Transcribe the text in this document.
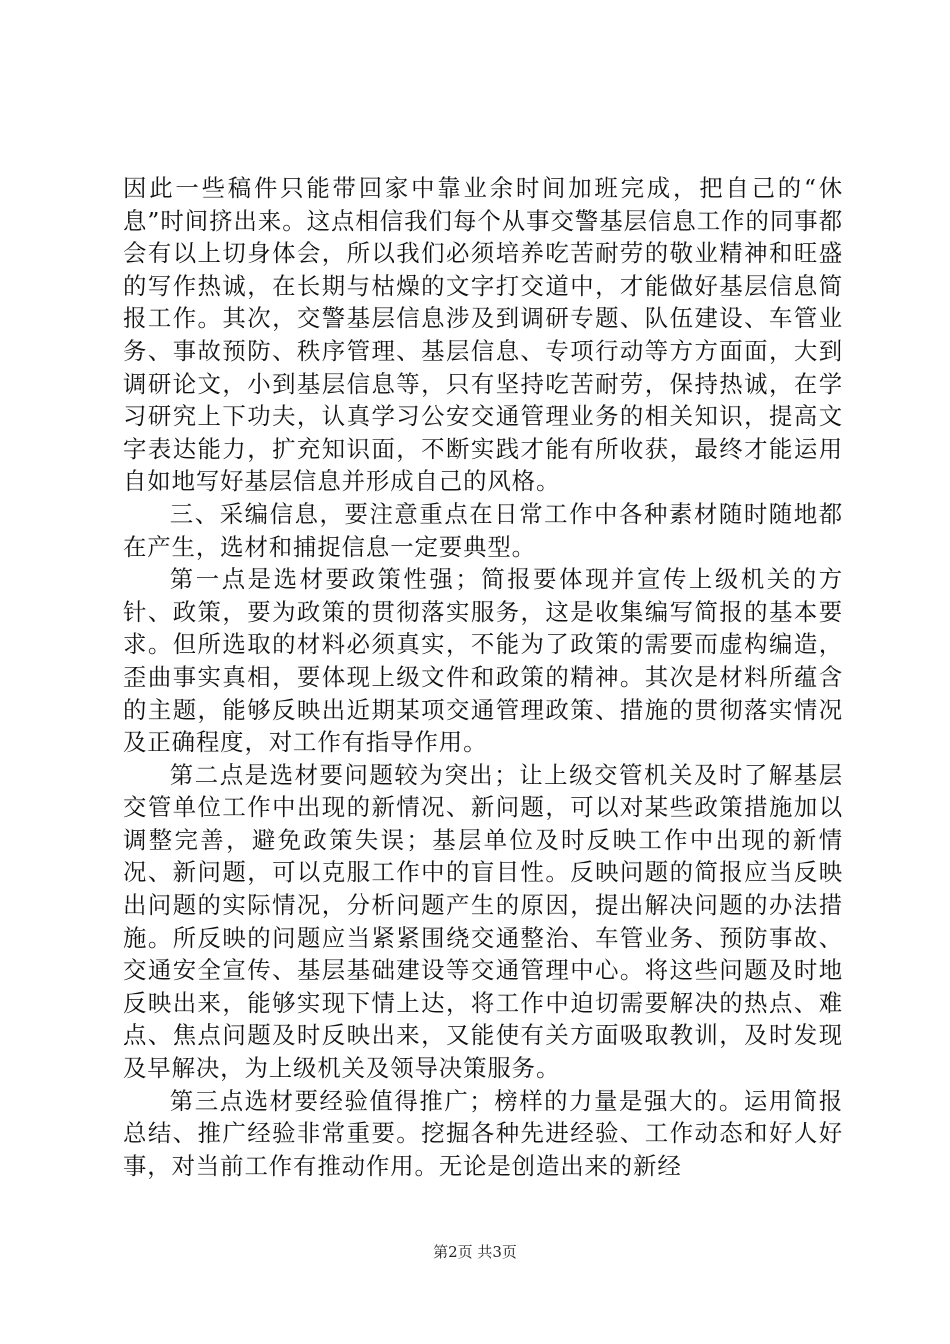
因此一些稿件只能带回家中靠业余时间加班完成，把自己的“休息”时间挤出来。这点相信我们每个从事交警基层信息工作的同事都会有以上切身体会，所以我们必须培养吃苦耐劳的敬业精神和旺盛的写作热诚，在长期与枯燥的文字打交道中，才能做好基层信息简报工作。其次，交警基层信息涉及到调研专题、队伍建设、车管业务、事故预防、秩序管理、基层信息、专项行动等方方面面，大到调研论文，小到基层信息等，只有坚持吃苦耐劳，保持热诚，在学习研究上下功夫，认真学习公安交通管理业务的相关知识，提高文字表达能力，扩充知识面，不断实践才能有所收获，最终才能运用自如地写好基层信息并形成自己的风格。

三、采编信息，要注意重点在日常工作中各种素材随时随地都在产生，选材和捕捉信息一定要典型。

第一点是选材要政策性强；简报要体现并宣传上级机关的方针、政策，要为政策的贯彻落实服务，这是收集编写简报的基本要求。但所选取的材料必须真实，不能为了政策的需要而虚构编造，歪曲事实真相，要体现上级文件和政策的精神。其次是材料所蕴含的主题，能够反映出近期某项交通管理政策、措施的贯彻落实情况及正确程度，对工作有指导作用。

第二点是选材要问题较为突出；让上级交管机关及时了解基层交管单位工作中出现的新情况、新问题，可以对某些政策措施加以调整完善，避免政策失误；基层单位及时反映工作中出现的新情况、新问题，可以克服工作中的盲目性。反映问题的简报应当反映出问题的实际情况，分析问题产生的原因，提出解决问题的办法措施。所反映的问题应当紧紧围绕交通整治、车管业务、预防事故、交通安全宣传、基层基础建设等交通管理中心。将这些问题及时地反映出来，能够实现下情上达，将工作中迫切需要解决的热点、难点、焦点问题及时反映出来，又能使有关方面吸取教训，及时发现及早解决，为上级机关及领导决策服务。

第三点选材要经验值得推广；榜样的力量是强大的。运用简报总结、推广经验非常重要。挖掘各种先进经验、工作动态和好人好事，对当前工作有推动作用。无论是创造出来的新经

第2页 共3页
